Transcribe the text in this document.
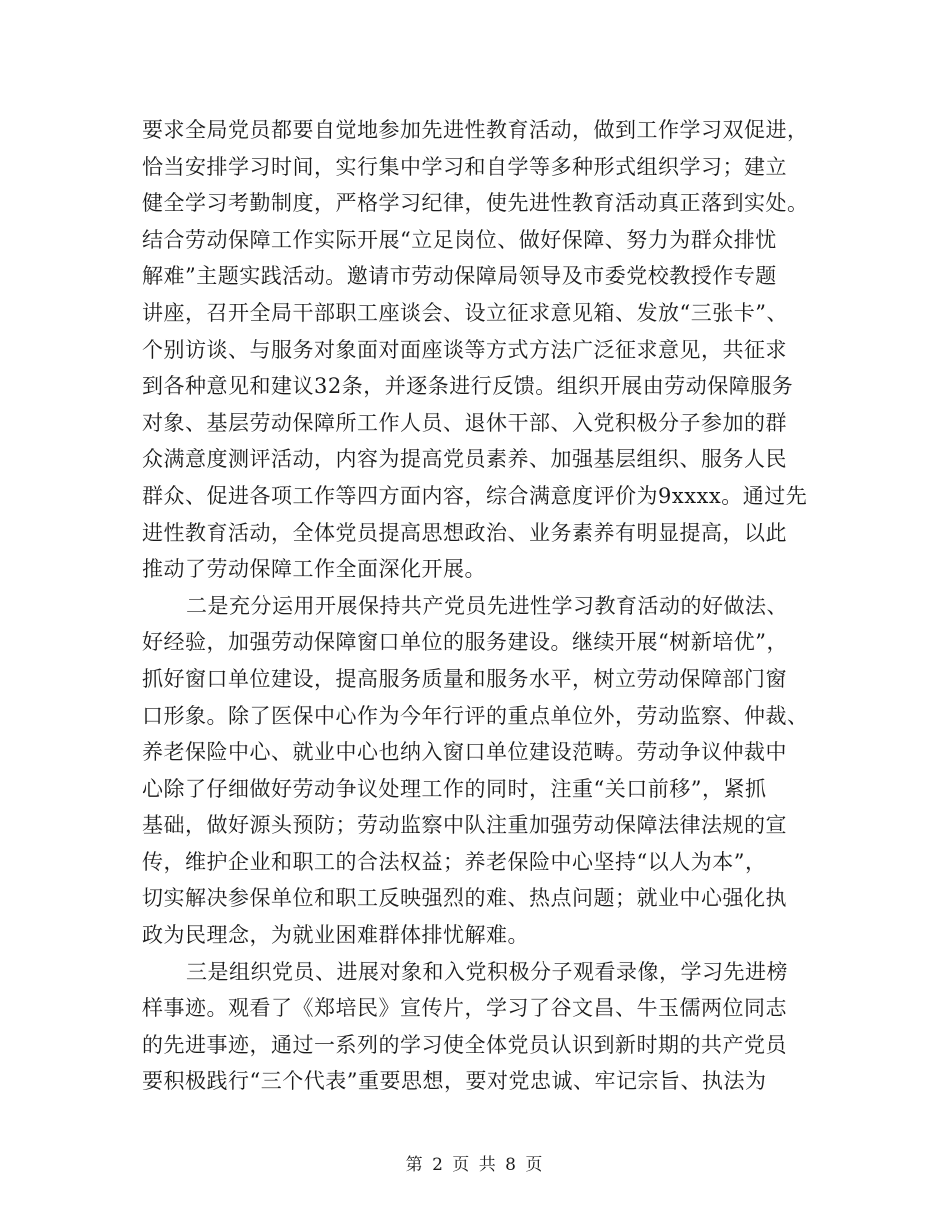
要求全局党员都要自觉地参加先进性教育活动，做到工作学习双促进，
恰当安排学习时间，实行集中学习和自学等多种形式组织学习；建立
健全学习考勤制度，严格学习纪律，使先进性教育活动真正落到实处。
结合劳动保障工作实际开展“立足岗位、做好保障、努力为群众排忧
解难”主题实践活动。邀请市劳动保障局领导及市委党校教授作专题
讲座，召开全局干部职工座谈会、设立征求意见箱、发放“三张卡”、
个别访谈、与服务对象面对面座谈等方式方法广泛征求意见，共征求
到各种意见和建议32条，并逐条进行反馈。组织开展由劳动保障服务
对象、基层劳动保障所工作人员、退休干部、入党积极分子参加的群
众满意度测评活动，内容为提高党员素养、加强基层组织、服务人民
群众、促进各项工作等四方面内容，综合满意度评价为9xxxx。通过先
进性教育活动，全体党员提高思想政治、业务素养有明显提高，以此
推动了劳动保障工作全面深化开展。
二是充分运用开展保持共产党员先进性学习教育活动的好做法、
好经验，加强劳动保障窗口单位的服务建设。继续开展“树新培优”，
抓好窗口单位建设，提高服务质量和服务水平，树立劳动保障部门窗
口形象。除了医保中心作为今年行评的重点单位外，劳动监察、仲裁、
养老保险中心、就业中心也纳入窗口单位建设范畴。劳动争议仲裁中
心除了仔细做好劳动争议处理工作的同时，注重“关口前移”，紧抓
基础，做好源头预防；劳动监察中队注重加强劳动保障法律法规的宣
传，维护企业和职工的合法权益；养老保险中心坚持“以人为本”，
切实解决参保单位和职工反映强烈的难、热点问题；就业中心强化执
政为民理念，为就业困难群体排忧解难。
三是组织党员、进展对象和入党积极分子观看录像，学习先进榜
样事迹。观看了《郑培民》宣传片，学习了谷文昌、牛玉儒两位同志
的先进事迹，通过一系列的学习使全体党员认识到新时期的共产党员
要积极践行“三个代表”重要思想，要对党忠诚、牢记宗旨、执法为
第 2 页 共 8 页
